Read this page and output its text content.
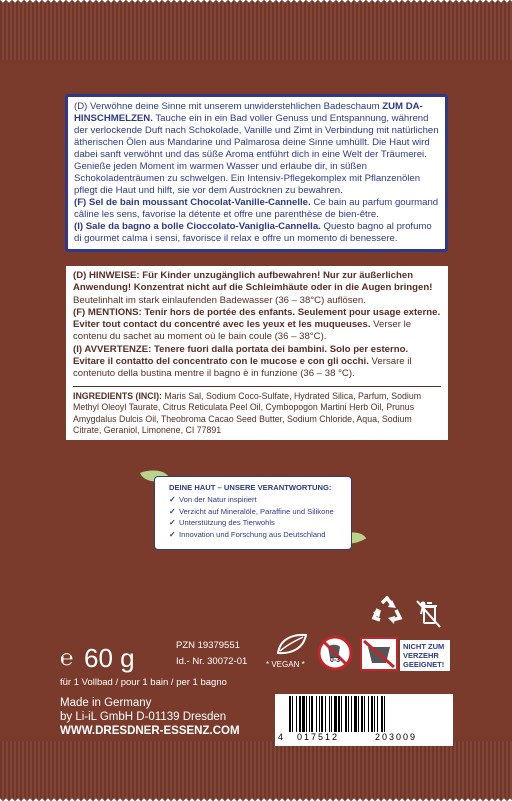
(D) Verwöhne deine Sinne mit unserem unwiderstehlichen Badeschaum ZUM DA-HINSCHMELZEN. Tauche ein in ein Bad voller Genuss und Entspannung, während der verlockende Duft nach Schokolade, Vanille und Zimt in Verbindung mit natürlichen ätherischen Ölen aus Mandarine und Palmarosa deine Sinne umhüllt. Die Haut wird dabei sanft verwöhnt und das süße Aroma entführt dich in eine Welt der Träumerei. Genieße jeden Moment im warmen Wasser und erlaube dir, in süßen Schokoladenträumen zu schwelgen. Ein Intensiv-Pflegekomplex mit Pflanzenölen pflegt die Haut und hilft, sie vor dem Austrocknen zu bewahren.

(F) Sel de bain moussant Chocolat-Vanille-Cannelle. Ce bain au parfum gourmand câline les sens, favorise la détente et offre une parenthèse de bien-être.

(I) Sale da bagno a bolle Cioccolato-Vaniglia-Cannella. Questo bagno al profumo di gourmet calma i sensi, favorisce il relax e offre un momento di benessere.

(D) HINWEISE: Für Kinder unzugänglich aufbewahren! Nur zur äußerlichen Anwendung! Konzentrat nicht auf die Schleimhäute oder in die Augen bringen! Beutelinhalt im stark einlaufenden Badewasser (36 – 38°C) auflösen.

(F) MENTIONS: Tenir hors de portée des enfants. Seulement pour usage externe. Eviter tout contact du concentré avec les yeux et les muqueuses. Verser le contenu du sachet au moment où le bain coule (36 – 38°C).

(I) AVVERTENZE: Tenere fuori dalla portata dei bambini. Solo per esterno. Evitare il contatto del concentrato con le mucose e con gli occhi. Versare il contenuto della bustina mentre il bagno è in funzione (36 – 38 °C).

INGREDIENTS (INCI): Maris Sal, Sodium Coco-Sulfate, Hydrated Silica, Parfum, Sodium Methyl Oleoyl Taurate, Citrus Reticulata Peel Oil, Cymbopogon Martini Herb Oil, Prunus Amygdalus Dulcis Oil, Theobroma Cacao Seed Butter, Sodium Chloride, Aqua, Sodium Citrate, Geraniol, Limonene, CI 77891

DEINE HAUT – UNSERE VERANTWORTUNG:
✓ Von der Natur inspiriert
✓ Verzicht auf Mineralöle, Paraffine und Silikone
✓ Unterstützung des Tierwohls
✓ Innovation und Forschung aus Deutschland
℮ 60 g	PZN 19379551
Id.- Nr. 30072-01 * VEGAN *	0-3
NICHT ZUM VERZEHR GEEIGNET!
für 1 Vollbad / pour 1 bain / per 1 bagno
Made in Germany
by Li-iL GmbH D-01139 Dresden
WWW.DRESDNER-ESSENZ.COM	4 017512	203009
